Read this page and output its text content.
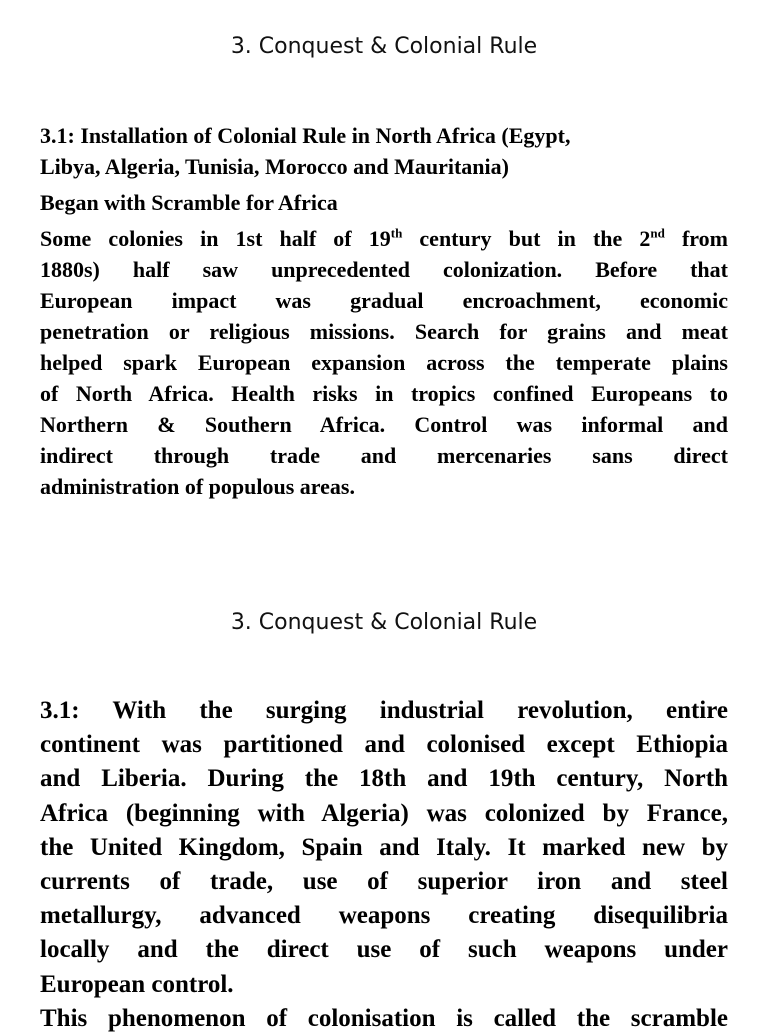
3. Conquest & Colonial Rule

3.1: Installation of Colonial Rule in North Africa (Egypt,
Libya, Algeria, Tunisia, Morocco and Mauritania)

Began with Scramble for Africa

Some colonies in 1st half of 19th century but in the 2nd from
1880s) half saw unprecedented colonization. Before that
European impact was gradual encroachment, economic
penetration or religious missions. Search for grains and meat
helped spark European expansion across the temperate plains
of North Africa. Health risks in tropics confined Europeans to
Northern & Southern Africa. Control was informal and
indirect through trade and mercenaries sans direct
administration of populous areas.

3. Conquest & Colonial Rule

3.1: With the surging industrial revolution, entire
continent was partitioned and colonised except Ethiopia
and Liberia. During the 18th and 19th century, North
Africa (beginning with Algeria) was colonized by France,
the United Kingdom, Spain and Italy. It marked new by
currents of trade, use of superior iron and steel
metallurgy, advanced weapons creating disequilibria
locally and the direct use of such weapons under
European control.
This phenomenon of colonisation is called the scramble
